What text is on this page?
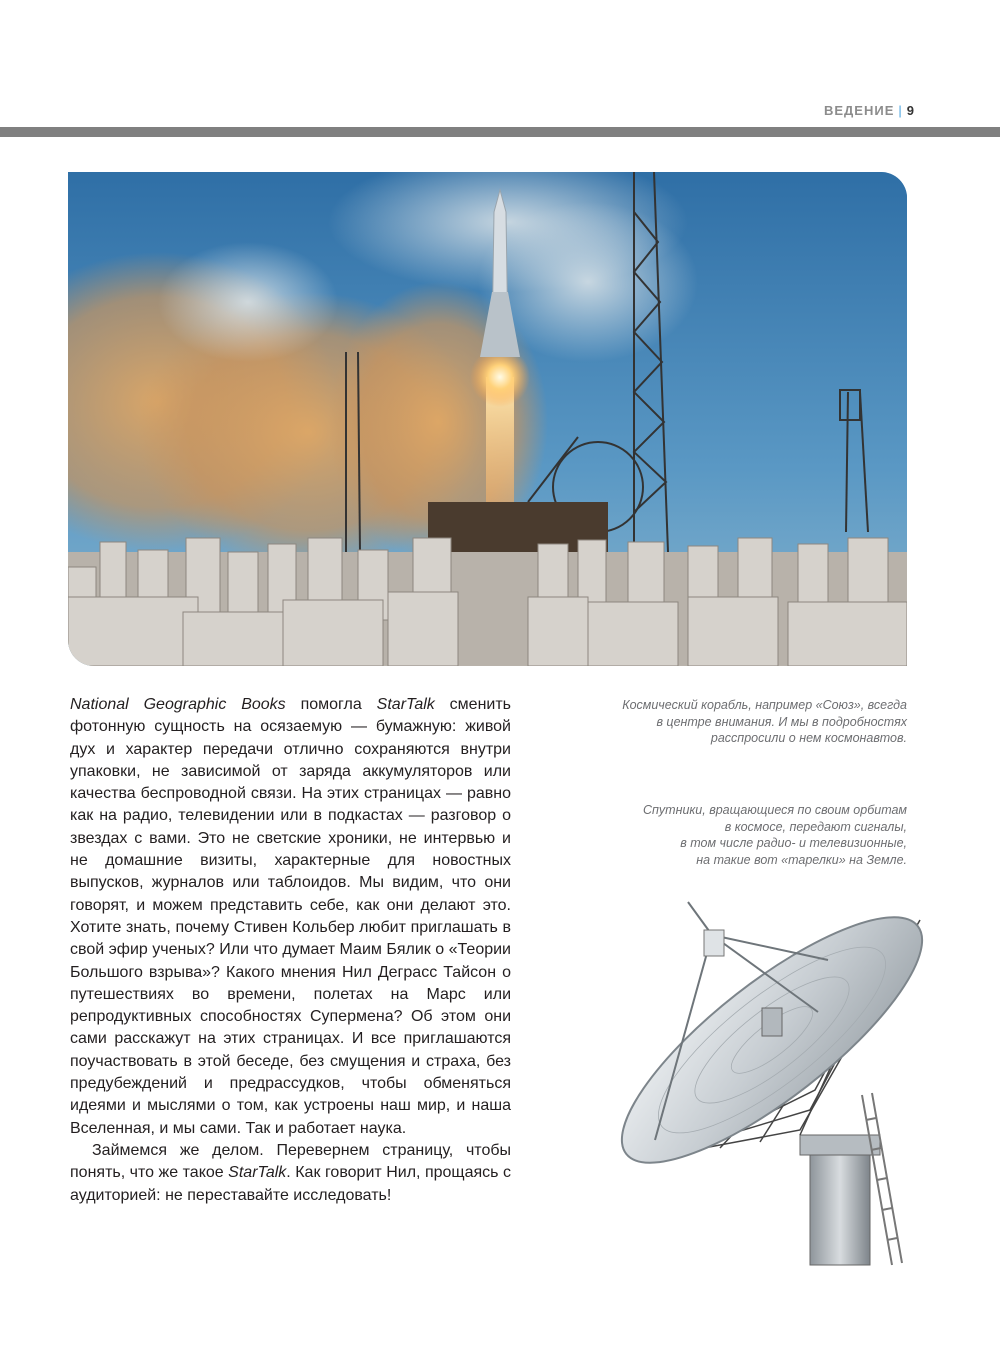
ВЕДЕНИЕ | 9

National Geographic Books помогла StarTalk сменить фотонную сущность на осязаемую — бумажную: живой дух и характер передачи отлично сохраняются внутри упаковки, не зависимой от заряда аккумуляторов или качества беспроводной связи. На этих страницах — равно как на радио, телевидении или в подкастах — разговор о звездах с вами. Это не светские хроники, не интервью и не домашние визиты, характерные для новостных выпусков, журналов или таблоидов. Мы видим, что они говорят, и можем представить себе, как они делают это. Хотите знать, почему Стивен Кольбер любит приглашать в свой эфир ученых? Или что думает Маим Бялик о «Теории Большого взрыва»? Какого мнения Нил Деграсс Тайсон о путешествиях во времени, полетах на Марс или репродуктивных способностях Супермена? Об этом они сами расскажут на этих страницах. И все приглашаются поучаствовать в этой беседе, без смущения и страха, без предубеждений и предрассудков, чтобы обменяться идеями и мыслями о том, как устроены наш мир, и наша Вселенная, и мы сами. Так и работает наука.

Займемся же делом. Перевернем страницу, чтобы понять, что же такое StarTalk. Как говорит Нил, прощаясь с аудиторией: не переставайте исследовать!

Космический корабль, например «Союз», всегда
в центре внимания. И мы в подробностях
расспросили о нем космонавтов.
Спутники, вращающиеся по своим орбитам
в космосе, передают сигналы,
в том числе радио- и телевизионные,
на такие вот «тарелки» на Земле.
